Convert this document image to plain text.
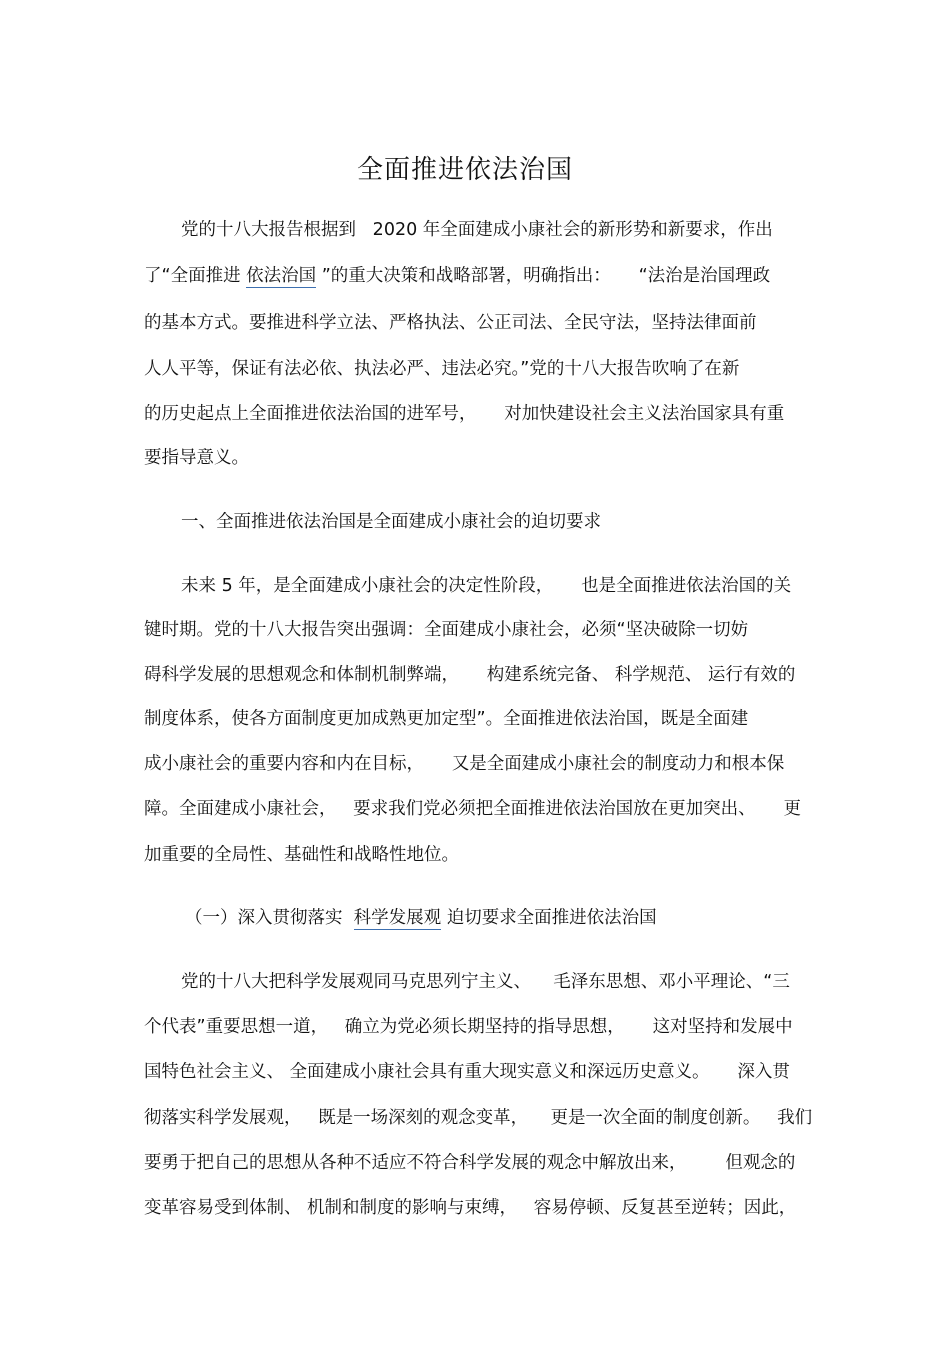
全面推进依法治国
党的十八大报告根据到   2020 年全面建成小康社会的新形势和新要求，作出
了“全面推进 依法治国 ”的重大决策和战略部署，明确指出：     “法治是治国理政
的基本方式。要推进科学立法、严格执法、公正司法、全民守法，坚持法律面前
人人平等，保证有法必依、执法必严、违法必究。”党的十八大报告吹响了在新
的历史起点上全面推进依法治国的进军号，     对加快建设社会主义法治国家具有重
要指导意义。
一、全面推进依法治国是全面建成小康社会的迫切要求
未来 5 年，是全面建成小康社会的决定性阶段，     也是全面推进依法治国的关
键时期。党的十八大报告突出强调：全面建成小康社会，必须“坚决破除一切妨
碍科学发展的思想观念和体制机制弊端，     构建系统完备、 科学规范、 运行有效的
制度体系，使各方面制度更加成熟更加定型”。全面推进依法治国，既是全面建
成小康社会的重要内容和内在目标，     又是全面建成小康社会的制度动力和根本保
障。全面建成小康社会，   要求我们党必须把全面推进依法治国放在更加突出、     更
加重要的全局性、基础性和战略性地位。
（一）深入贯彻落实  科学发展观 迫切要求全面推进依法治国
党的十八大把科学发展观同马克思列宁主义、    毛泽东思想、邓小平理论、“三
个代表”重要思想一道，   确立为党必须长期坚持的指导思想，     这对坚持和发展中
国特色社会主义、 全面建成小康社会具有重大现实意义和深远历史意义。     深入贯
彻落实科学发展观，   既是一场深刻的观念变革，    更是一次全面的制度创新。   我们
要勇于把自己的思想从各种不适应不符合科学发展的观念中解放出来，       但观念的
变革容易受到体制、 机制和制度的影响与束缚，   容易停顿、反复甚至逆转；因此，
